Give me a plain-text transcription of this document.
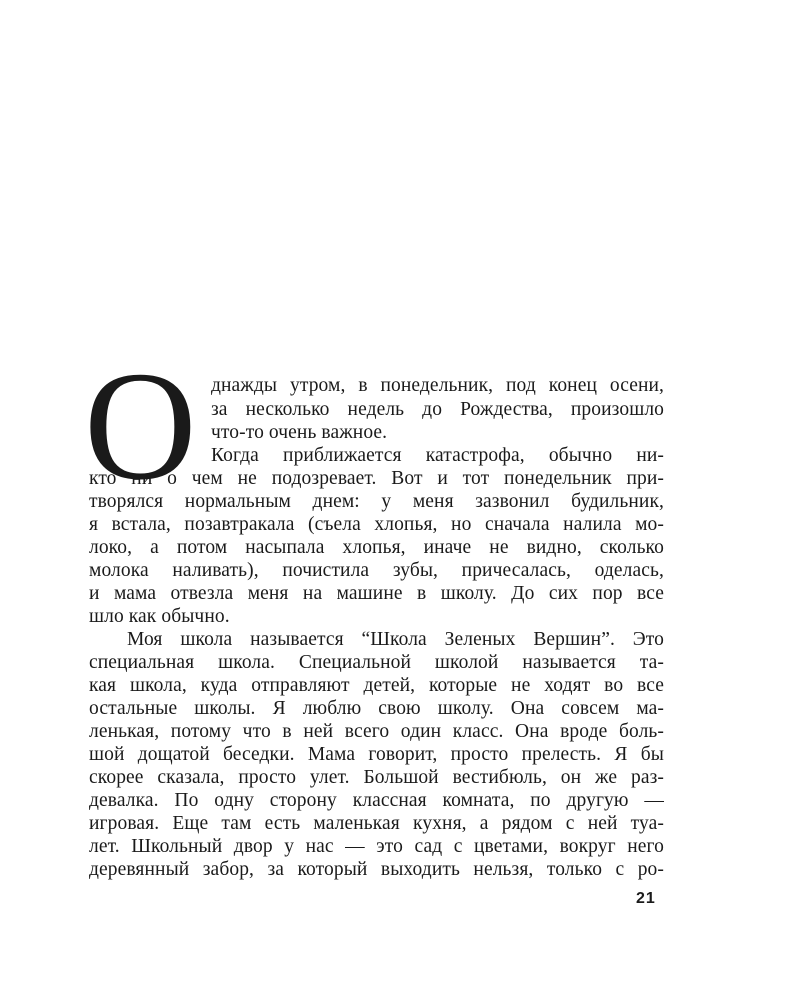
О днажды утром, в понедельник, под конец осени,
за несколько недель до Рождества, произошло
что-то очень важное.
Когда приближается катастрофа, обычно ни-
кто ни о чем не подозревает. Вот и тот понедельник при-
творялся нормальным днем: у меня зазвонил будильник,
я встала, позавтракала (съела хлопья, но сначала налила мо-
локо, а потом насыпала хлопья, иначе не видно, сколько
молока наливать), почистила зубы, причесалась, оделась,
и мама отвезла меня на машине в школу. До сих пор все
шло как обычно.
Моя школа называется “Школа Зеленых Вершин”. Это
специальная школа. Специальной школой называется та-
кая школа, куда отправляют детей, которые не ходят во все
остальные школы. Я люблю свою школу. Она совсем ма-
ленькая, потому что в ней всего один класс. Она вроде боль-
шой дощатой беседки. Мама говорит, просто прелесть. Я бы
скорее сказала, просто улет. Большой вестибюль, он же раз-
девалка. По одну сторону классная комната, по другую —
игровая. Еще там есть маленькая кухня, а рядом с ней туа-
лет. Школьный двор у нас — это сад с цветами, вокруг него
деревянный забор, за который выходить нельзя, только с ро-
21
